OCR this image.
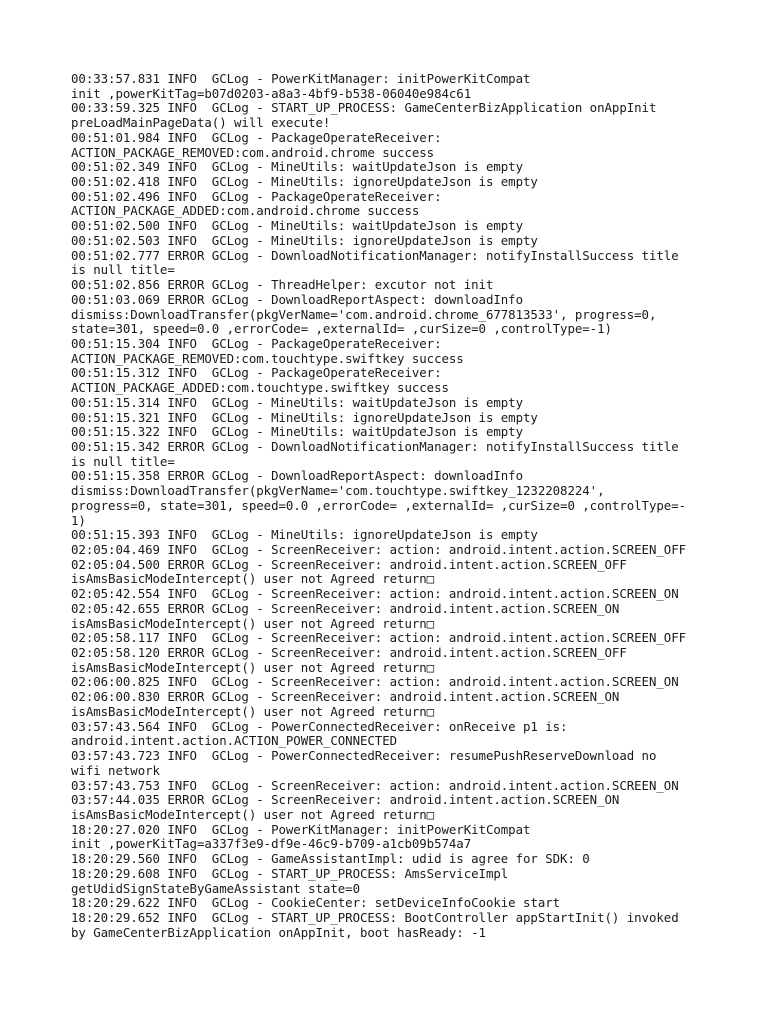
00:33:57.831 INFO  GCLog - PowerKitManager: initPowerKitCompat
init ,powerKitTag=b07d0203-a8a3-4bf9-b538-06040e984c61
00:33:59.325 INFO  GCLog - START_UP_PROCESS: GameCenterBizApplication onAppInit
preLoadMainPageData() will execute!
00:51:01.984 INFO  GCLog - PackageOperateReceiver:
ACTION_PACKAGE_REMOVED:com.android.chrome success
00:51:02.349 INFO  GCLog - MineUtils: waitUpdateJson is empty
00:51:02.418 INFO  GCLog - MineUtils: ignoreUpdateJson is empty
00:51:02.496 INFO  GCLog - PackageOperateReceiver:
ACTION_PACKAGE_ADDED:com.android.chrome success
00:51:02.500 INFO  GCLog - MineUtils: waitUpdateJson is empty
00:51:02.503 INFO  GCLog - MineUtils: ignoreUpdateJson is empty
00:51:02.777 ERROR GCLog - DownloadNotificationManager: notifyInstallSuccess title
is null title=
00:51:02.856 ERROR GCLog - ThreadHelper: excutor not init
00:51:03.069 ERROR GCLog - DownloadReportAspect: downloadInfo
dismiss:DownloadTransfer(pkgVerName='com.android.chrome_677813533', progress=0,
state=301, speed=0.0 ,errorCode= ,externalId= ,curSize=0 ,controlType=-1)
00:51:15.304 INFO  GCLog - PackageOperateReceiver:
ACTION_PACKAGE_REMOVED:com.touchtype.swiftkey success
00:51:15.312 INFO  GCLog - PackageOperateReceiver:
ACTION_PACKAGE_ADDED:com.touchtype.swiftkey success
00:51:15.314 INFO  GCLog - MineUtils: waitUpdateJson is empty
00:51:15.321 INFO  GCLog - MineUtils: ignoreUpdateJson is empty
00:51:15.322 INFO  GCLog - MineUtils: waitUpdateJson is empty
00:51:15.342 ERROR GCLog - DownloadNotificationManager: notifyInstallSuccess title
is null title=
00:51:15.358 ERROR GCLog - DownloadReportAspect: downloadInfo
dismiss:DownloadTransfer(pkgVerName='com.touchtype.swiftkey_1232208224',
progress=0, state=301, speed=0.0 ,errorCode= ,externalId= ,curSize=0 ,controlType=-
1)
00:51:15.393 INFO  GCLog - MineUtils: ignoreUpdateJson is empty
02:05:04.469 INFO  GCLog - ScreenReceiver: action: android.intent.action.SCREEN_OFF
02:05:04.500 ERROR GCLog - ScreenReceiver: android.intent.action.SCREEN_OFF
isAmsBasicModeIntercept() user not Agreed return□
02:05:42.554 INFO  GCLog - ScreenReceiver: action: android.intent.action.SCREEN_ON
02:05:42.655 ERROR GCLog - ScreenReceiver: android.intent.action.SCREEN_ON
isAmsBasicModeIntercept() user not Agreed return□
02:05:58.117 INFO  GCLog - ScreenReceiver: action: android.intent.action.SCREEN_OFF
02:05:58.120 ERROR GCLog - ScreenReceiver: android.intent.action.SCREEN_OFF
isAmsBasicModeIntercept() user not Agreed return□
02:06:00.825 INFO  GCLog - ScreenReceiver: action: android.intent.action.SCREEN_ON
02:06:00.830 ERROR GCLog - ScreenReceiver: android.intent.action.SCREEN_ON
isAmsBasicModeIntercept() user not Agreed return□
03:57:43.564 INFO  GCLog - PowerConnectedReceiver: onReceive p1 is:
android.intent.action.ACTION_POWER_CONNECTED
03:57:43.723 INFO  GCLog - PowerConnectedReceiver: resumePushReserveDownload no
wifi network
03:57:43.753 INFO  GCLog - ScreenReceiver: action: android.intent.action.SCREEN_ON
03:57:44.035 ERROR GCLog - ScreenReceiver: android.intent.action.SCREEN_ON
isAmsBasicModeIntercept() user not Agreed return□
18:20:27.020 INFO  GCLog - PowerKitManager: initPowerKitCompat
init ,powerKitTag=a337f3e9-df9e-46c9-b709-a1cb09b574a7
18:20:29.560 INFO  GCLog - GameAssistantImpl: udid is agree for SDK: 0
18:20:29.608 INFO  GCLog - START_UP_PROCESS: AmsServiceImpl
getUdidSignStateByGameAssistant state=0
18:20:29.622 INFO  GCLog - CookieCenter: setDeviceInfoCookie start
18:20:29.652 INFO  GCLog - START_UP_PROCESS: BootController appStartInit() invoked
by GameCenterBizApplication onAppInit, boot hasReady: -1
